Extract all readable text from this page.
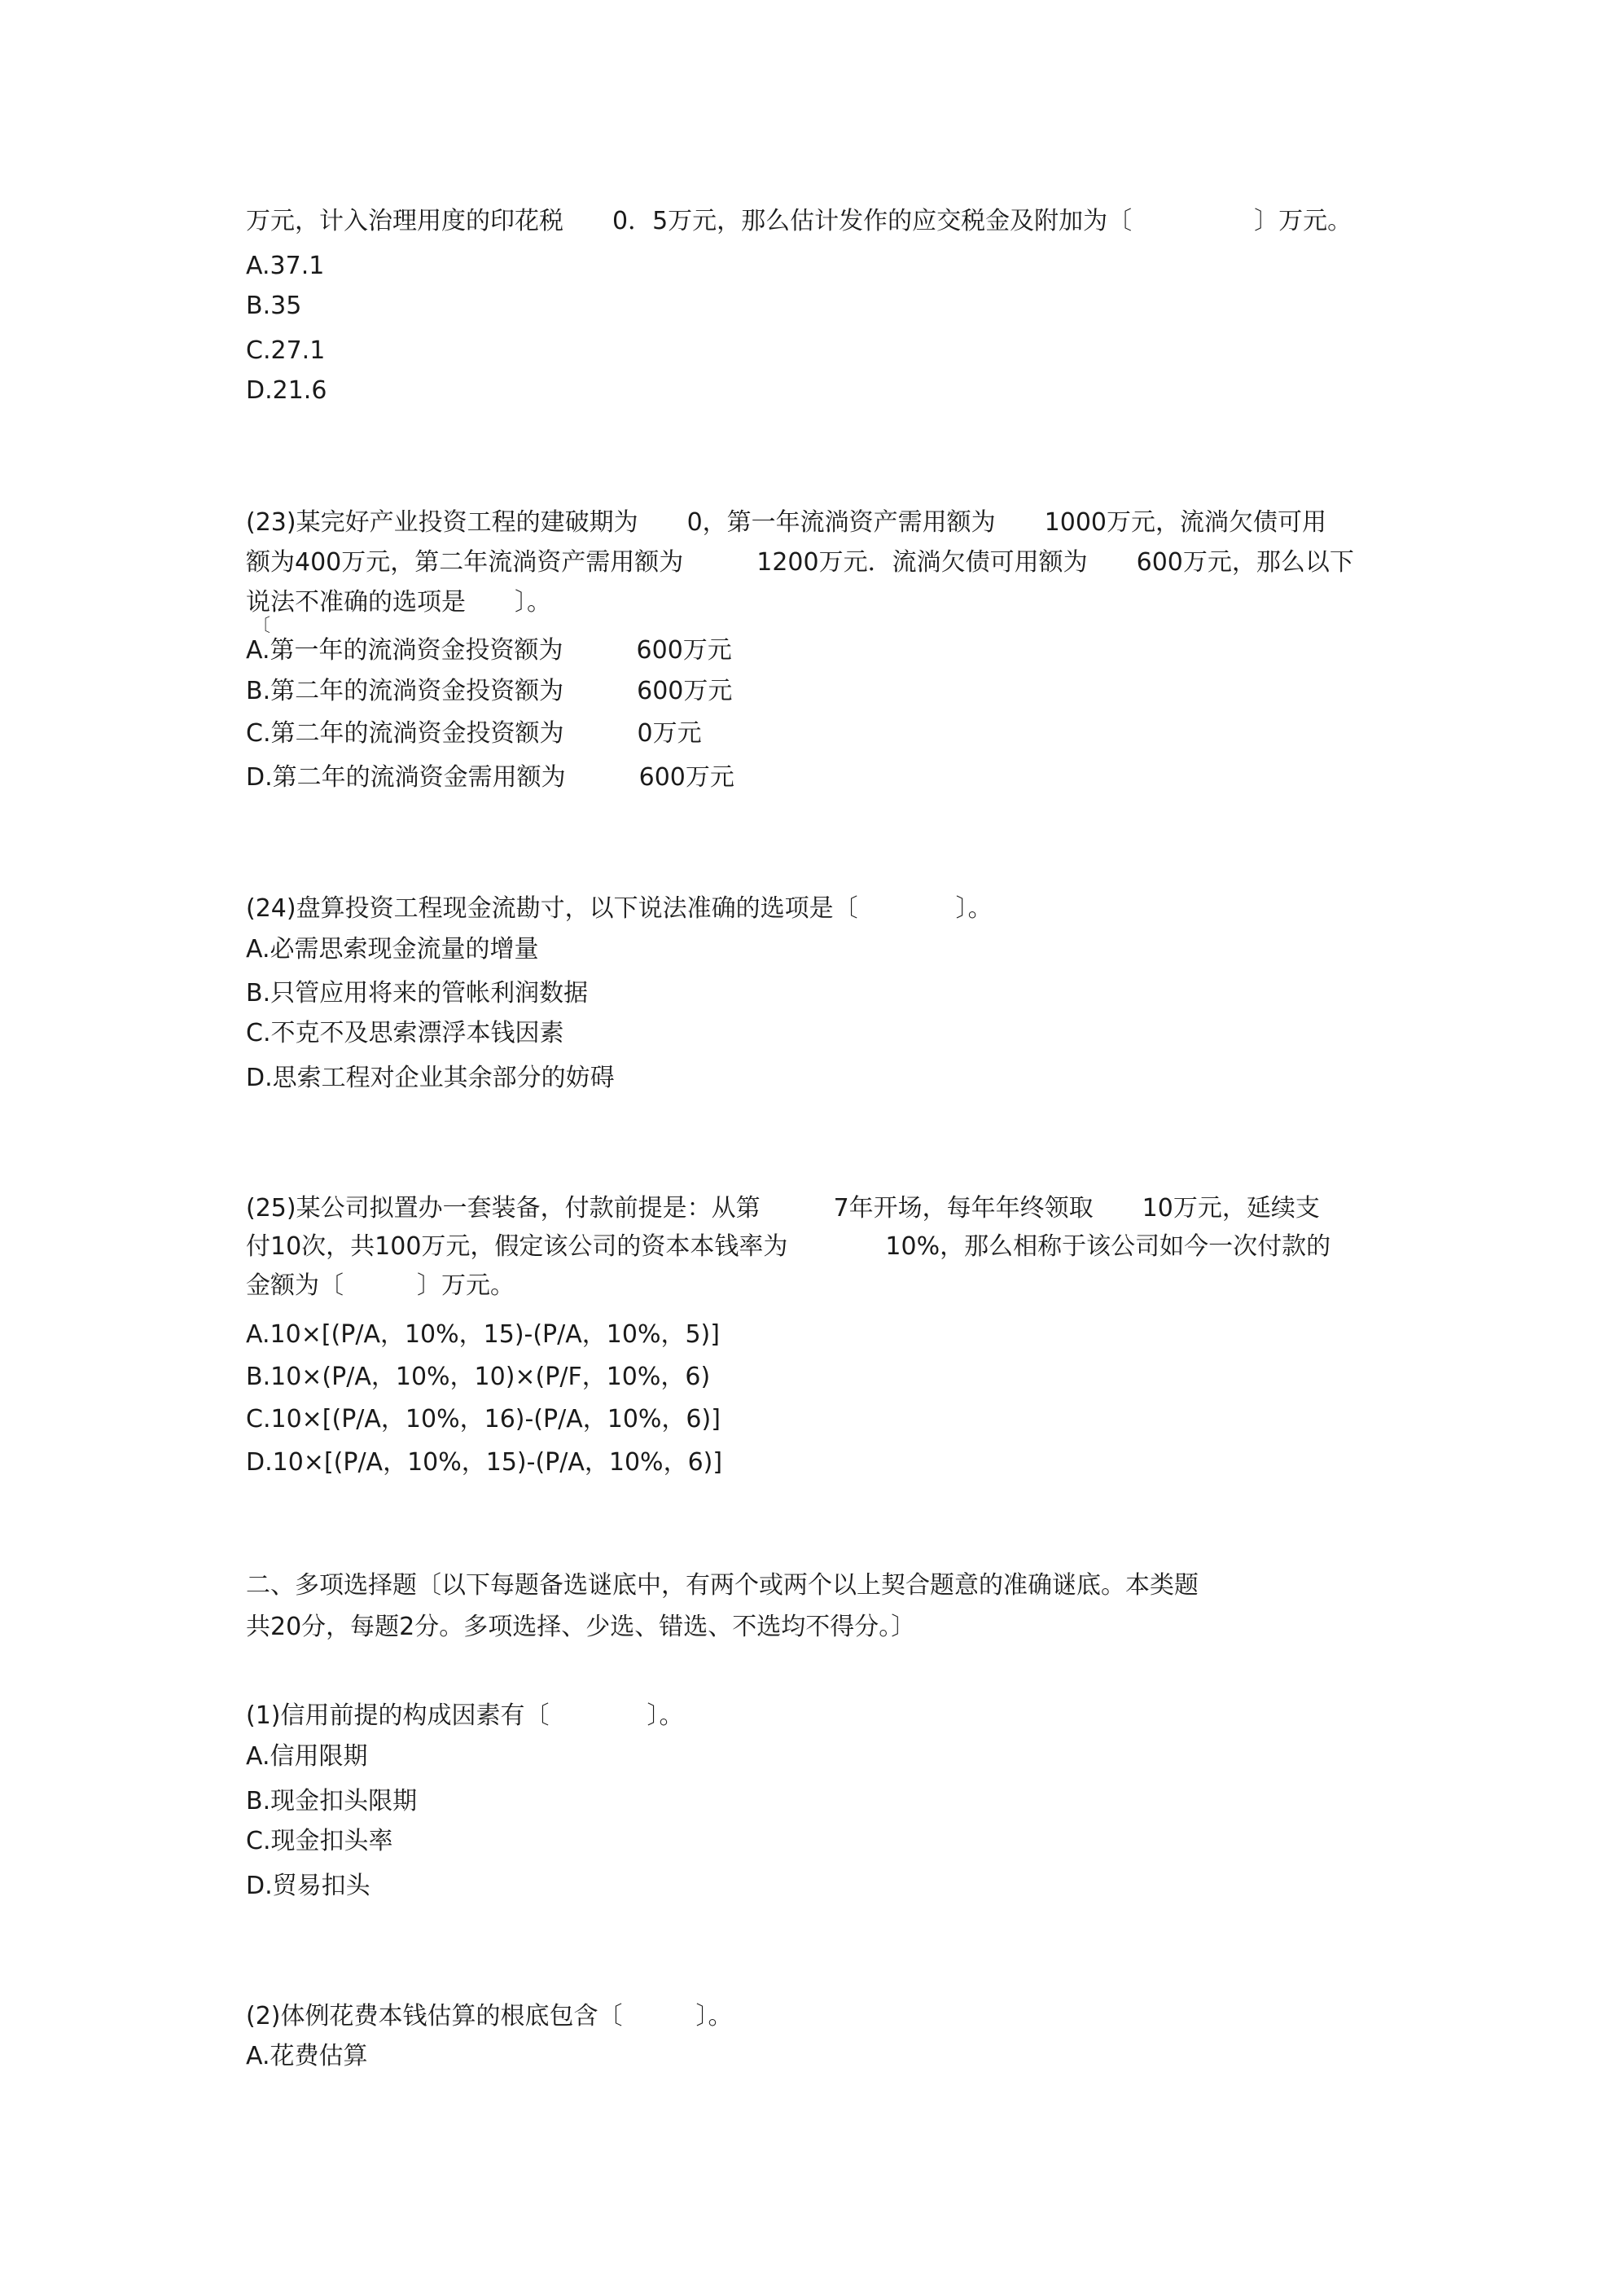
万元，计入治理用度的印花税　　0．5万元，那么估计发作的应交税金及附加为〔　　　　　〕万元。
A.37.1
B.35
C.27.1
D.21.6
(23)某完好产业投资工程的建破期为　　0，第一年流淌资产需用额为　　1000万元，流淌欠债可用
额为400万元，第二年流淌资产需用额为　　　1200万元．流淌欠债可用额为　　600万元，那么以下
说法不准确的选项是　　〕。
〔
A.第一年的流淌资金投资额为　　　600万元
B.第二年的流淌资金投资额为　　　600万元
C.第二年的流淌资金投资额为　　　0万元
D.第二年的流淌资金需用额为　　　600万元
(24)盘算投资工程现金流勘寸，以下说法准确的选项是〔　　　　〕。
A.必需思索现金流量的增量
B.只管应用将来的管帐利润数据
C.不克不及思索漂浮本钱因素
D.思索工程对企业其余部分的妨碍
(25)某公司拟置办一套装备，付款前提是：从第　　　7年开场，每年年终领取　　10万元，延续支
付10次，共100万元，假定该公司的资本本钱率为　　　　10%，那么相称于该公司如今一次付款的
金额为〔　　　〕万元。
A.10×[(P/A，10%，15)-(P/A，10%，5)]
B.10×(P/A，10%，10)×(P/F，10%，6)
C.10×[(P/A，10%，16)-(P/A，10%，6)]
D.10×[(P/A，10%，15)-(P/A，10%，6)]
二、多项选择题〔以下每题备选谜底中，有两个或两个以上契合题意的准确谜底。本类题
共20分，每题2分。多项选择、少选、错选、不选均不得分。〕
(1)信用前提的构成因素有〔　　　　〕。
A.信用限期
B.现金扣头限期
C.现金扣头率
D.贸易扣头
(2)体例花费本钱估算的根底包含〔　　　〕。
A.花费估算
